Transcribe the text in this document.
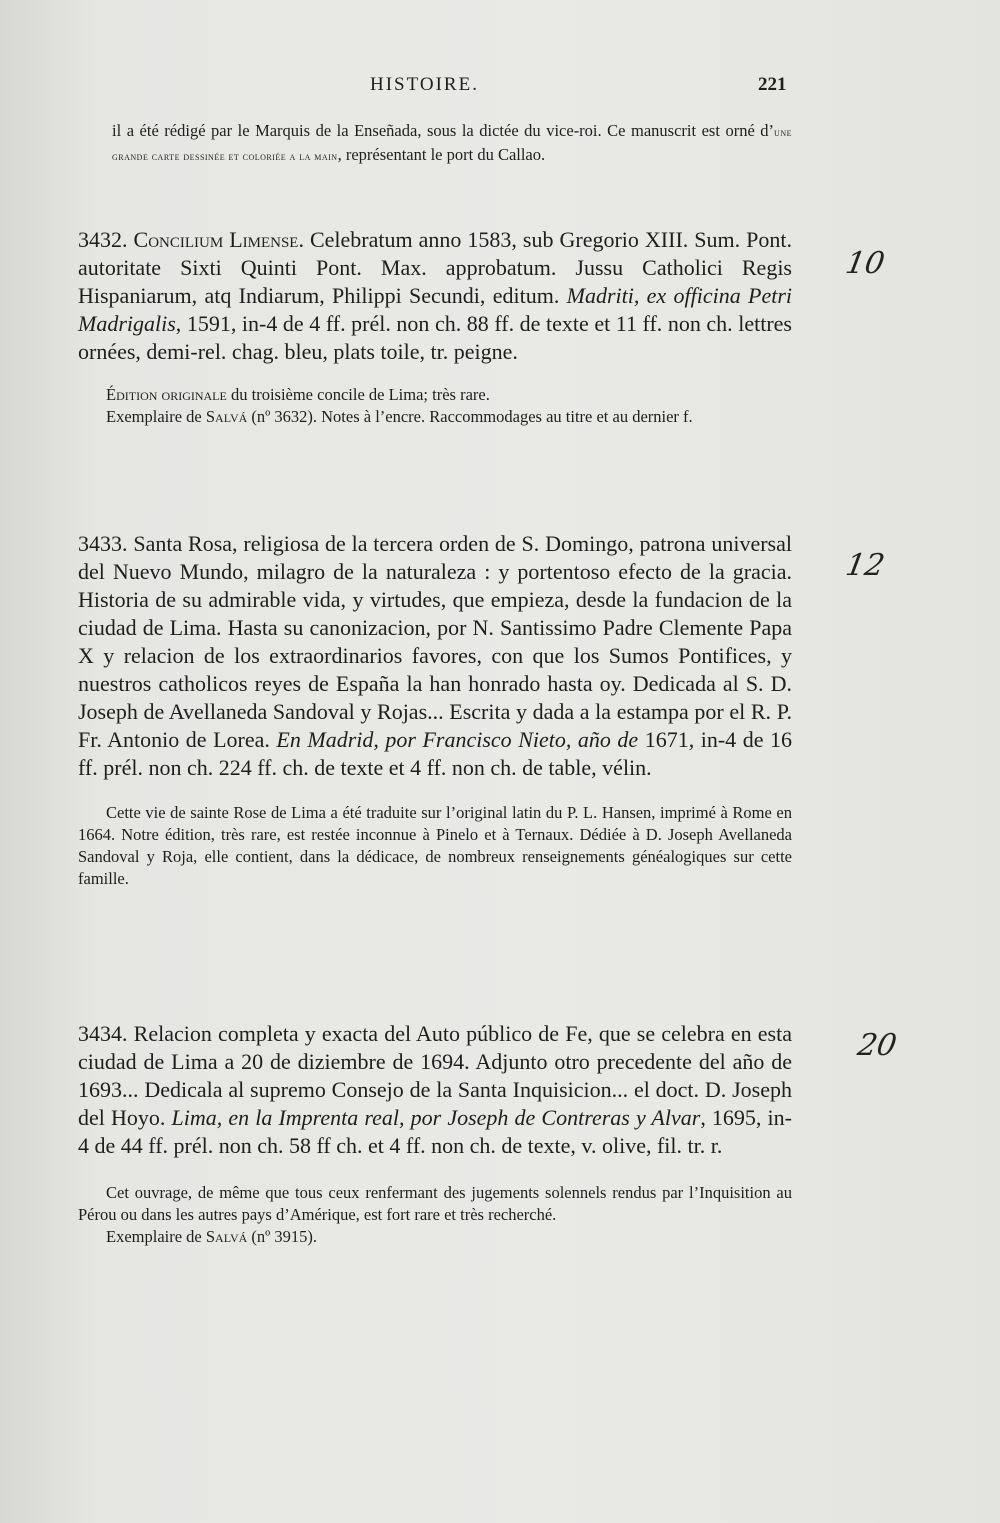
HISTOIRE.	221

il a été rédigé par le Marquis de la Enseñada, sous la dictée du vice-roi. Ce manuscrit est orné d’une grande carte dessinée et coloriée a la main, représentant le port du Callao.

3432. Concilium Limense. Celebratum anno 1583, sub Gregorio XIII. Sum. Pont. autoritate Sixti Quinti Pont. Max. approbatum. Jussu Catholici Regis Hispaniarum, atq Indiarum, Philippi Secundi, editum. Madriti, ex officina Petri Madrigalis, 1591, in-4 de 4 ff. prél. non ch. 88 ff. de texte et 11 ff. non ch. lettres ornées, demi-rel. chag. bleu, plats toile, tr. peigne.

Édition originale du troisième concile de Lima; très rare.

Exemplaire de Salvá (nº 3632). Notes à l’encre. Raccommodages au titre et au dernier f.

10

3433. Santa Rosa, religiosa de la tercera orden de S. Domingo, patrona universal del Nuevo Mundo, milagro de la naturaleza : y portentoso efecto de la gracia. Historia de su admirable vida, y virtudes, que empieza, desde la fundacion de la ciudad de Lima. Hasta su canonizacion, por N. Santissimo Padre Clemente Papa X y relacion de los extraordinarios favores, con que los Sumos Pontifices, y nuestros catholicos reyes de España la han honrado hasta oy. Dedicada al S. D. Joseph de Avellaneda Sandoval y Rojas... Escrita y dada a la estampa por el R. P. Fr. Antonio de Lorea. En Madrid, por Francisco Nieto, año de 1671, in-4 de 16 ff. prél. non ch. 224 ff. ch. de texte et 4 ff. non ch. de table, vélin.

Cette vie de sainte Rose de Lima a été traduite sur l’original latin du P. L. Hansen, imprimé à Rome en 1664. Notre édition, très rare, est restée inconnue à Pinelo et à Ternaux. Dédiée à D. Joseph Avellaneda Sandoval y Roja, elle contient, dans la dédicace, de nombreux renseignements généalogiques sur cette famille.

12

3434. Relacion completa y exacta del Auto público de Fe, que se celebra en esta ciudad de Lima a 20 de diziembre de 1694. Adjunto otro precedente del año de 1693... Dedicala al supremo Consejo de la Santa Inquisicion... el doct. D. Joseph del Hoyo. Lima, en la Imprenta real, por Joseph de Contreras y Alvar, 1695, in-4 de 44 ff. prél. non ch. 58 ff ch. et 4 ff. non ch. de texte, v. olive, fil. tr. r.

Cet ouvrage, de même que tous ceux renfermant des jugements solennels rendus par l’Inquisition au Pérou ou dans les autres pays d’Amérique, est fort rare et très recherché.

Exemplaire de Salvá (nº 3915).

20
